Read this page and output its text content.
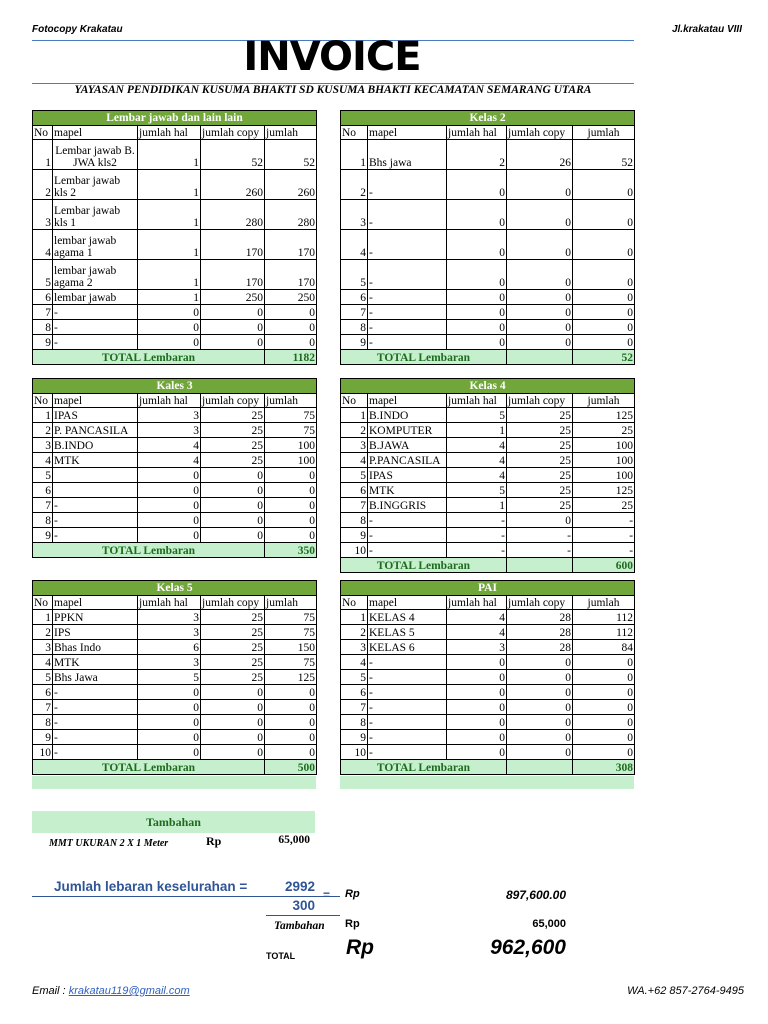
Fotocopy Krakatau	Jl.krakatau VIII
INVOICE
YAYASAN PENDIDIKAN KUSUMA BHAKTI SD KUSUMA BHAKTI KECAMATAN SEMARANG UTARA
Lembar jawab dan lain lain				
No	mapel	jumlah hal	jumlah copy	jumlah
1	Lembar jawab B. JWA kls2	1	52	52
2	Lembar jawab kls 2	1	260	260
3	Lembar jawab kls 1	1	280	280
4	lembar jawab agama 1	1	170	170
5	lembar jawab agama 2	1	170	170
6	lembar jawab	1	250	250
7	-	0	0	0
8	-	0	0	0
9	-	0	0	0
TOTAL Lembaran				1182
Kelas 2				
No	mapel	jumlah hal	jumlah copy	jumlah
1	Bhs jawa	2	26	52
2	-	0	0	0
3	-	0	0	0
4	-	0	0	0
5	-	0	0	0
6	-	0	0	0
7	-	0	0	0
8	-	0	0	0
9	-	0	0	0
TOTAL Lembaran				52
Kales 3				
No	mapel	jumlah hal	jumlah copy	jumlah
1	IPAS	3	25	75
2	P. PANCASILA	3	25	75
3	B.INDO	4	25	100
4	MTK	4	25	100
5		0	0	0
6		0	0	0
7	-	0	0	0
8	-	0	0	0
9	-	0	0	0
TOTAL Lembaran				350
Kelas 4				
No	mapel	jumlah hal	jumlah copy	jumlah
1	B.INDO	5	25	125
2	KOMPUTER	1	25	25
3	B.JAWA	4	25	100
4	P.PANCASILA	4	25	100
5	IPAS	4	25	100
6	MTK	5	25	125
7	B.INGGRIS	1	25	25
8	-	-	0	-
9	-	-	-	-
10	-	-	-	-
TOTAL Lembaran				600
Kelas 5				
No	mapel	jumlah hal	jumlah copy	jumlah
1	PPKN	3	25	75
2	IPS	3	25	75
3	Bhas Indo	6	25	150
4	MTK	3	25	75
5	Bhs Jawa	5	25	125
6	-	0	0	0
7	-	0	0	0
8	-	0	0	0
9	-	0	0	0
10	-	0	0	0
TOTAL Lembaran				500
PAI				
No	mapel	jumlah hal	jumlah copy	jumlah
1	KELAS 4	4	28	112
2	KELAS 5	4	28	112
3	KELAS 6	3	28	84
4	-	0	0	0
5	-	0	0	0
6	-	0	0	0
7	-	0	0	0
8	-	0	0	0
9	-	0	0	0
10	-	0	0	0
TOTAL Lembaran				308
Tambahan
MMT UKURAN 2 X 1 Meter	Rp	65,000
Jumlah lebaran keselurahan =	2992
300
= Rp	897,600.00
Tambahan Rp	65,000
TOTAL Rp	962,600
Email : krakatau119@gmail.com	WA.+62 857-2764-9495
